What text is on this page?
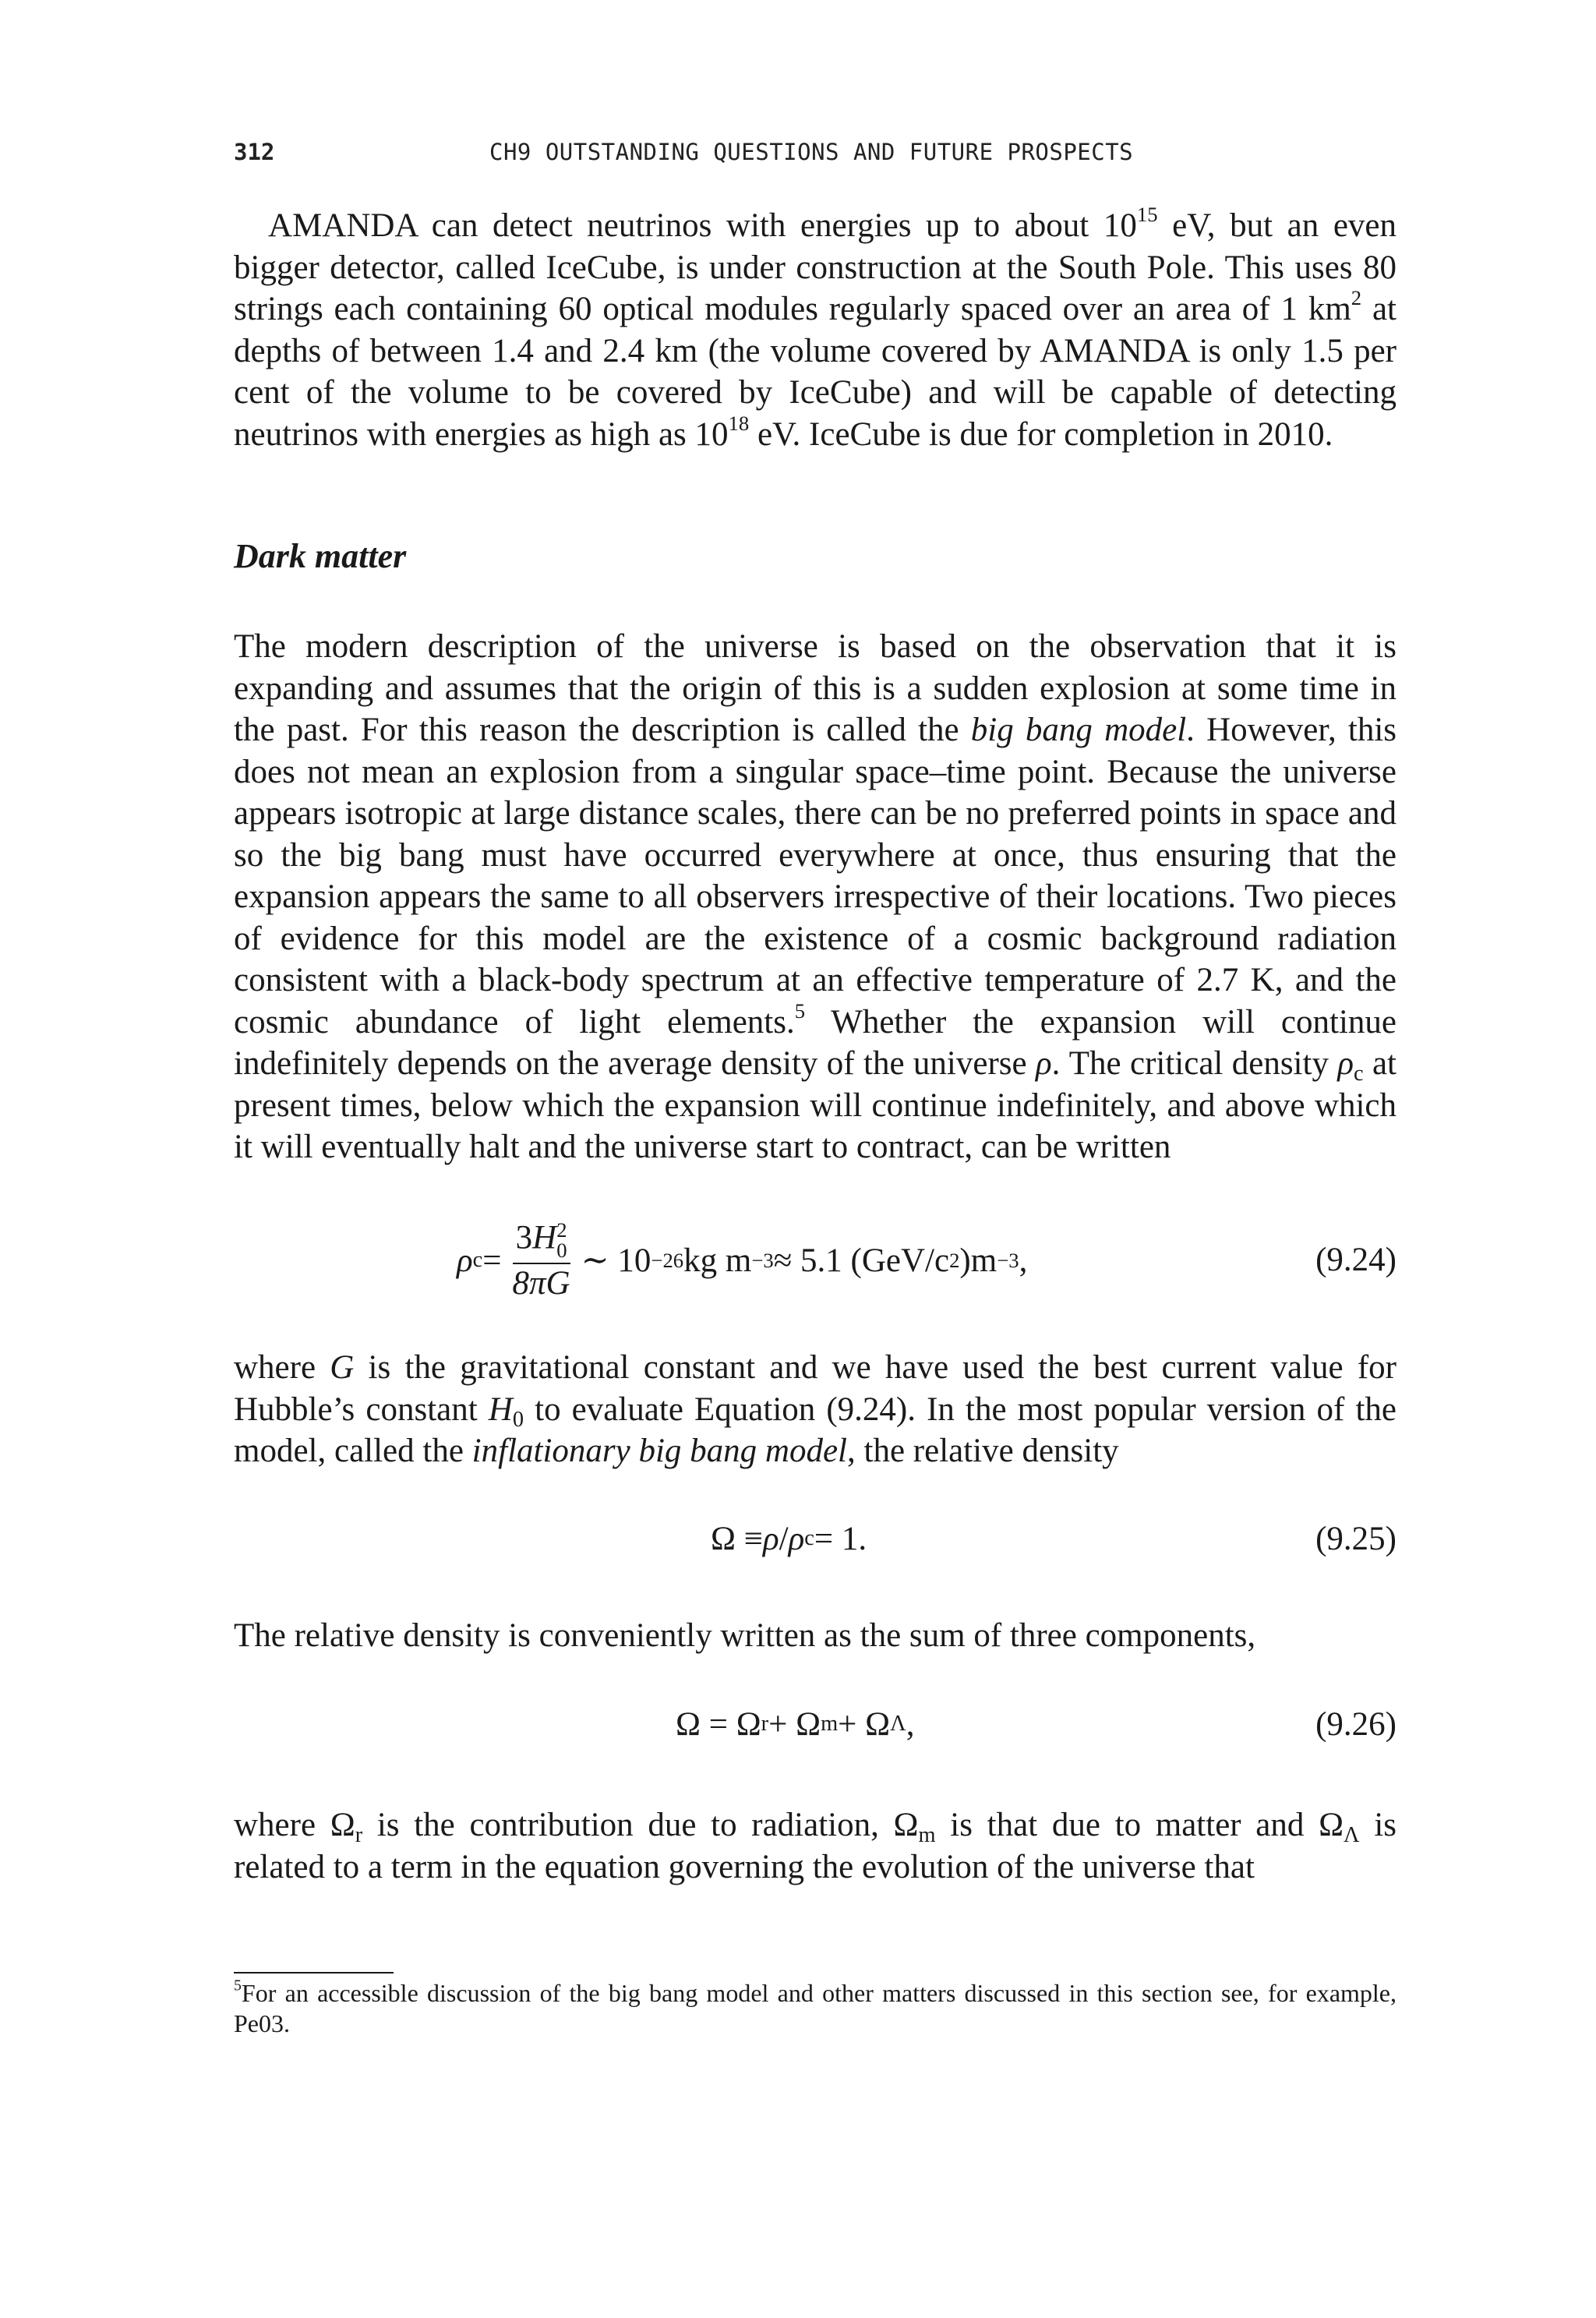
312	CH9 OUTSTANDING QUESTIONS AND FUTURE PROSPECTS

AMANDA can detect neutrinos with energies up to about $10^{15}$ eV, but an even bigger detector, called IceCube, is under construction at the South Pole. This uses 80 strings each containing 60 optical modules regularly spaced over an area of 1 $km^2$ at depths of between 1.4 and 2.4 km (the volume covered by AMANDA is only 1.5 per cent of the volume to be covered by IceCube) and will be capable of detecting neutrinos with energies as high as $10^{18}$ eV. IceCube is due for completion in 2010.

Dark matter

The modern description of the universe is based on the observation that it is expanding and assumes that the origin of this is a sudden explosion at some time in the past. For this reason the description is called the big bang model. However, this does not mean an explosion from a singular space–time point. Because the universe appears isotropic at large distance scales, there can be no preferred points in space and so the big bang must have occurred everywhere at once, thus ensuring that the expansion appears the same to all observers irrespective of their locations. Two pieces of evidence for this model are the existence of a cosmic background radiation consistent with a black-body spectrum at an effective temperature of 2.7 K, and the cosmic abundance of light elements.$^5$ Whether the expansion will continue indefinitely depends on the average density of the universe ρ. The critical density $\rho_c$ at present times, below which the expansion will continue indefinitely, and above which it will eventually halt and the universe start to contract, can be written

ρ c = 3H 2
0
8πG ∼ 10 −26 kg m −3 ≈ 5.1 (GeV/c 2 )m −3 ,	(9.24)

where G is the gravitational constant and we have used the best current value for Hubble’s constant $H_0$ to evaluate Equation (9.24). In the most popular version of the model, called the inflationary big bang model, the relative density

Ω ≡ ρ / ρ c = 1.	(9.25)

The relative density is conveniently written as the sum of three components,

Ω = Ω r + Ω m + Ω Λ ,	(9.26)

where $\Omega_r$ is the contribution due to radiation, $\Omega_m$ is that due to matter and $\Omega_\Lambda$ is related to a term in the equation governing the evolution of the universe that

$^5$For an accessible discussion of the big bang model and other matters discussed in this section see, for example, Pe03.
